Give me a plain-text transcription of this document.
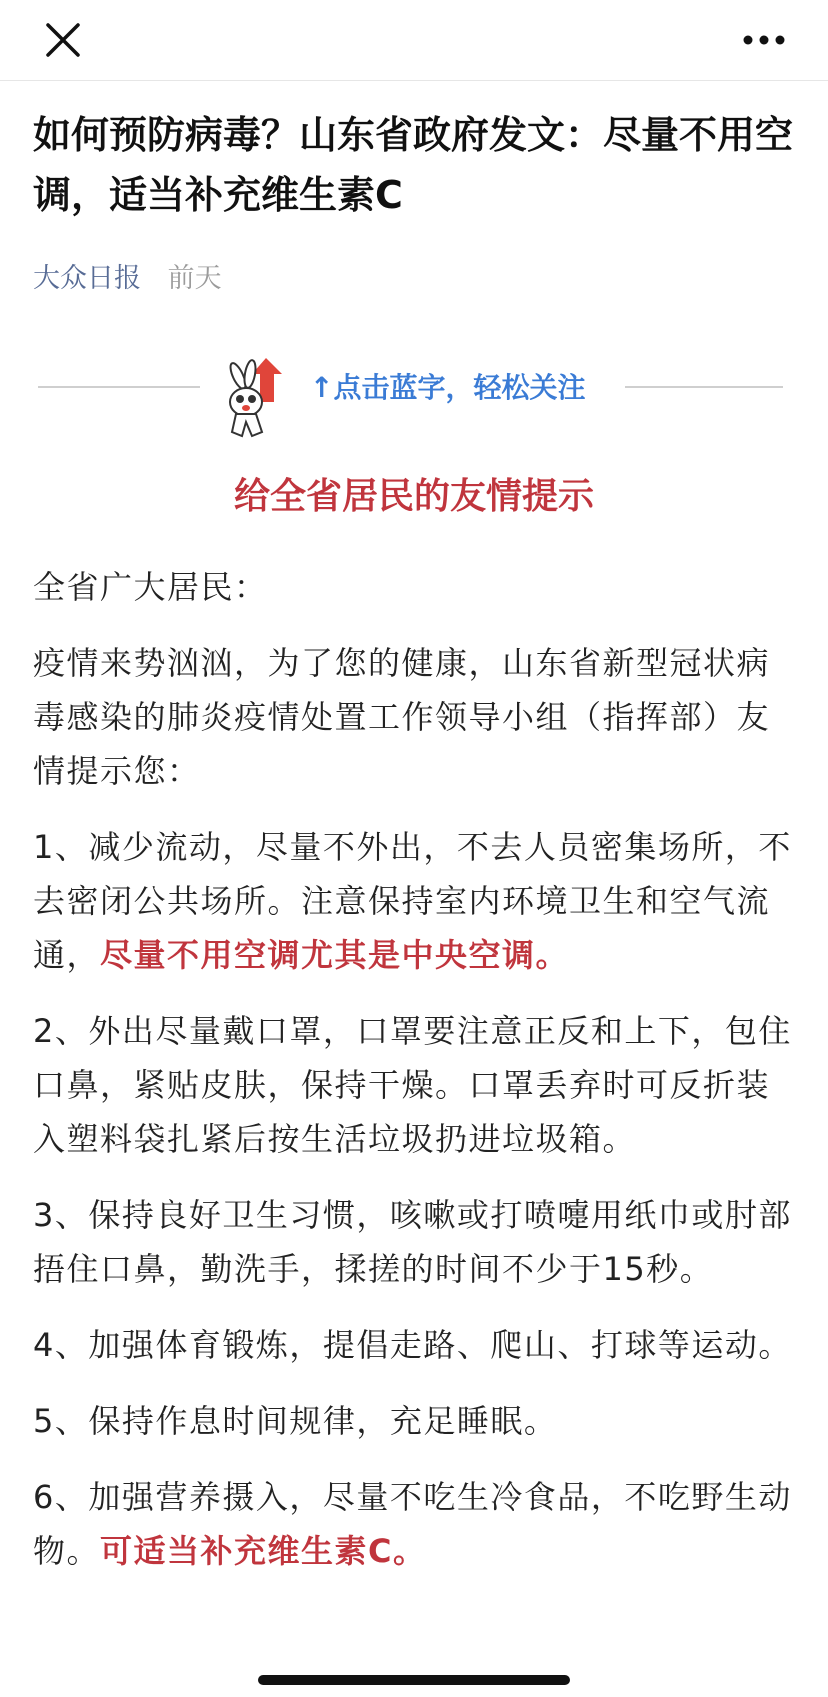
如何预防病毒？山东省政府发文：尽量不用空调，适当补充维生素C
大众日报 前天
↑点击蓝字，轻松关注
给全省居民的友情提示

全省广大居民：

疫情来势汹汹，为了您的健康，山东省新型冠状病毒感染的肺炎疫情处置工作领导小组（指挥部）友情提示您：

1、减少流动，尽量不外出，不去人员密集场所，不去密闭公共场所。注意保持室内环境卫生和空气流通，尽量不用空调尤其是中央空调。

2、外出尽量戴口罩，口罩要注意正反和上下，包住口鼻，紧贴皮肤，保持干燥。口罩丢弃时可反折装入塑料袋扎紧后按生活垃圾扔进垃圾箱。

3、保持良好卫生习惯，咳嗽或打喷嚏用纸巾或肘部捂住口鼻，勤洗手，揉搓的时间不少于15秒。

4、加强体育锻炼，提倡走路、爬山、打球等运动。

5、保持作息时间规律，充足睡眠。

6、加强营养摄入，尽量不吃生冷食品，不吃野生动物。可适当补充维生素C。
